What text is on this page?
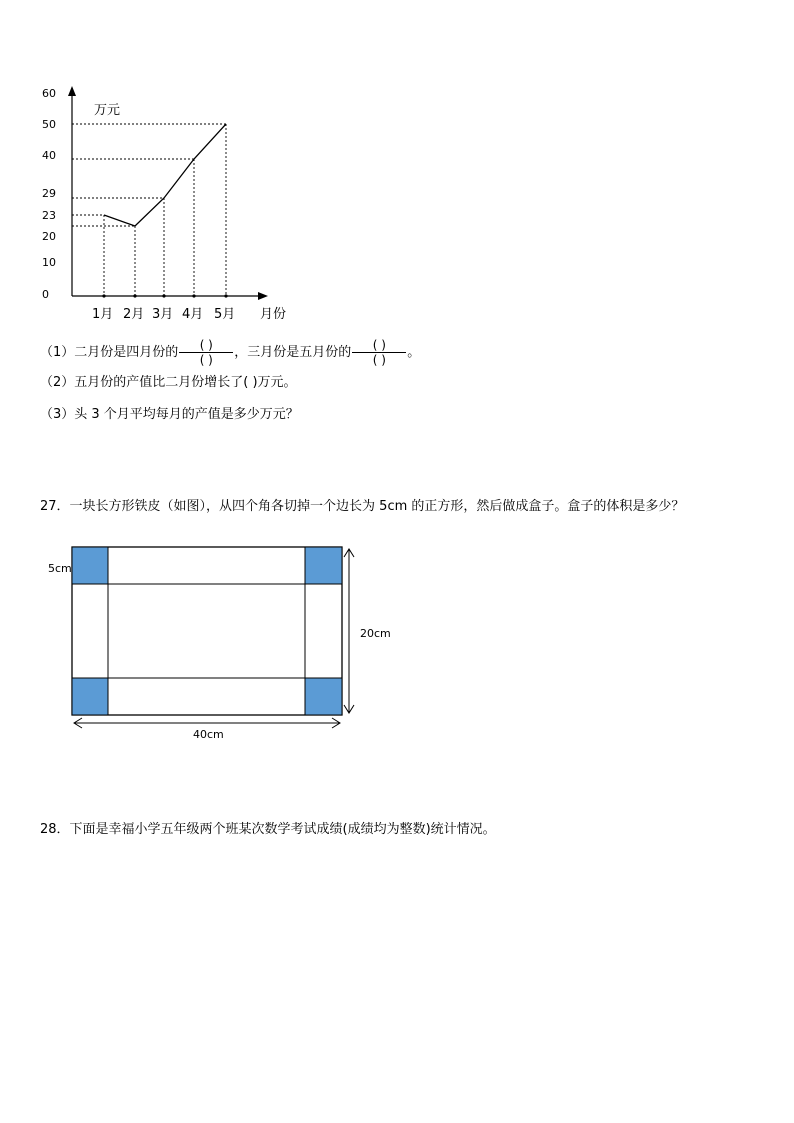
0
10
20
23
29
40
50
60
万元
1月 2月 3月 4月 5月 月份
（1）二月份是四月份的 $\frac{( )}{( )}$ ，三月份是五月份的 $\frac{( )}{( )}$ 。
（2）五月份的产值比二月份增长了( )万元。
（3）头 3 个月平均每月的产值是多少万元？
27．一块长方形铁皮（如图），从四个角各切掉一个边长为 5cm 的正方形，然后做成盒子。盒子的体积是多少？
5cm
20cm
40cm
28．下面是幸福小学五年级两个班某次数学考试成绩(成绩均为整数)统计情况。
